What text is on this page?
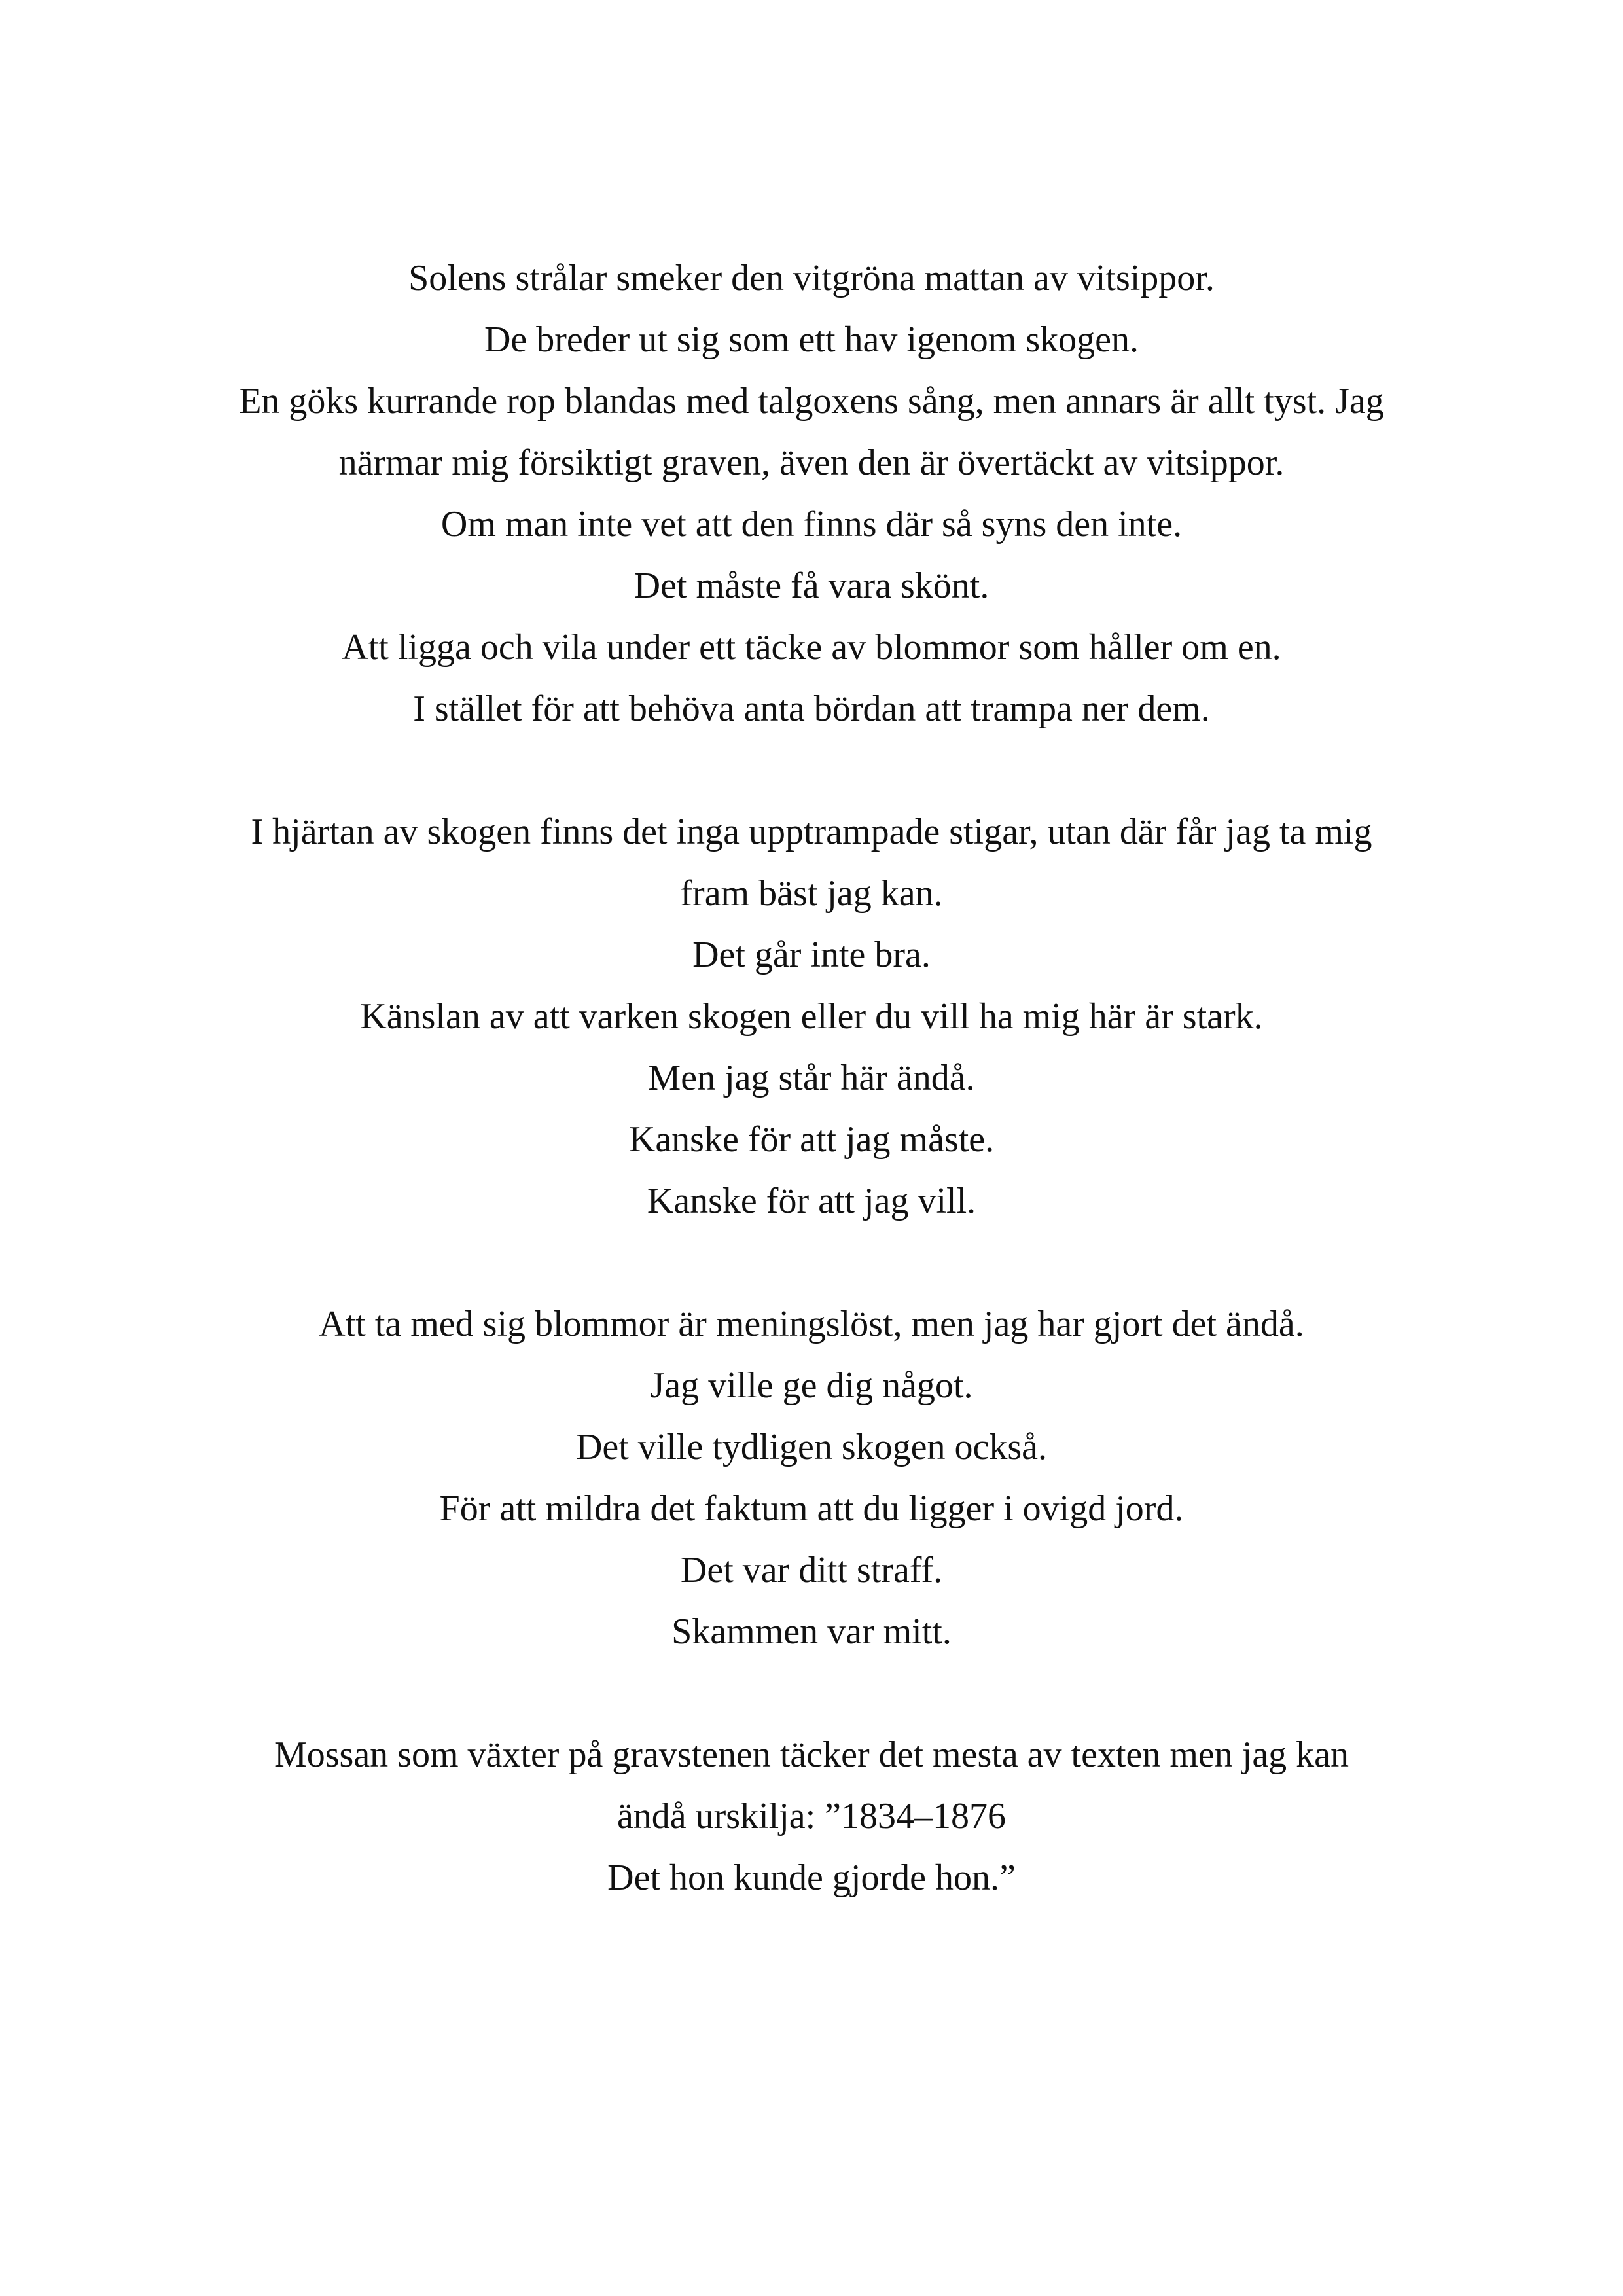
Solens strålar smeker den vitgröna mattan av vitsippor.
De breder ut sig som ett hav igenom skogen.
En göks kurrande rop blandas med talgoxens sång, men annars är allt tyst. Jag
närmar mig försiktigt graven, även den är övertäckt av vitsippor.
Om man inte vet att den finns där så syns den inte.
Det måste få vara skönt.
Att ligga och vila under ett täcke av blommor som håller om en.
I stället för att behöva anta bördan att trampa ner dem.
I hjärtan av skogen finns det inga upptrampade stigar, utan där får jag ta mig
fram bäst jag kan.
Det går inte bra.
Känslan av att varken skogen eller du vill ha mig här är stark.
Men jag står här ändå.
Kanske för att jag måste.
Kanske för att jag vill.
Att ta med sig blommor är meningslöst, men jag har gjort det ändå.
Jag ville ge dig något.
Det ville tydligen skogen också.
För att mildra det faktum att du ligger i ovigd jord.
Det var ditt straff.
Skammen var mitt.
Mossan som växter på gravstenen täcker det mesta av texten men jag kan
ändå urskilja: ”1834–1876
Det hon kunde gjorde hon.”
